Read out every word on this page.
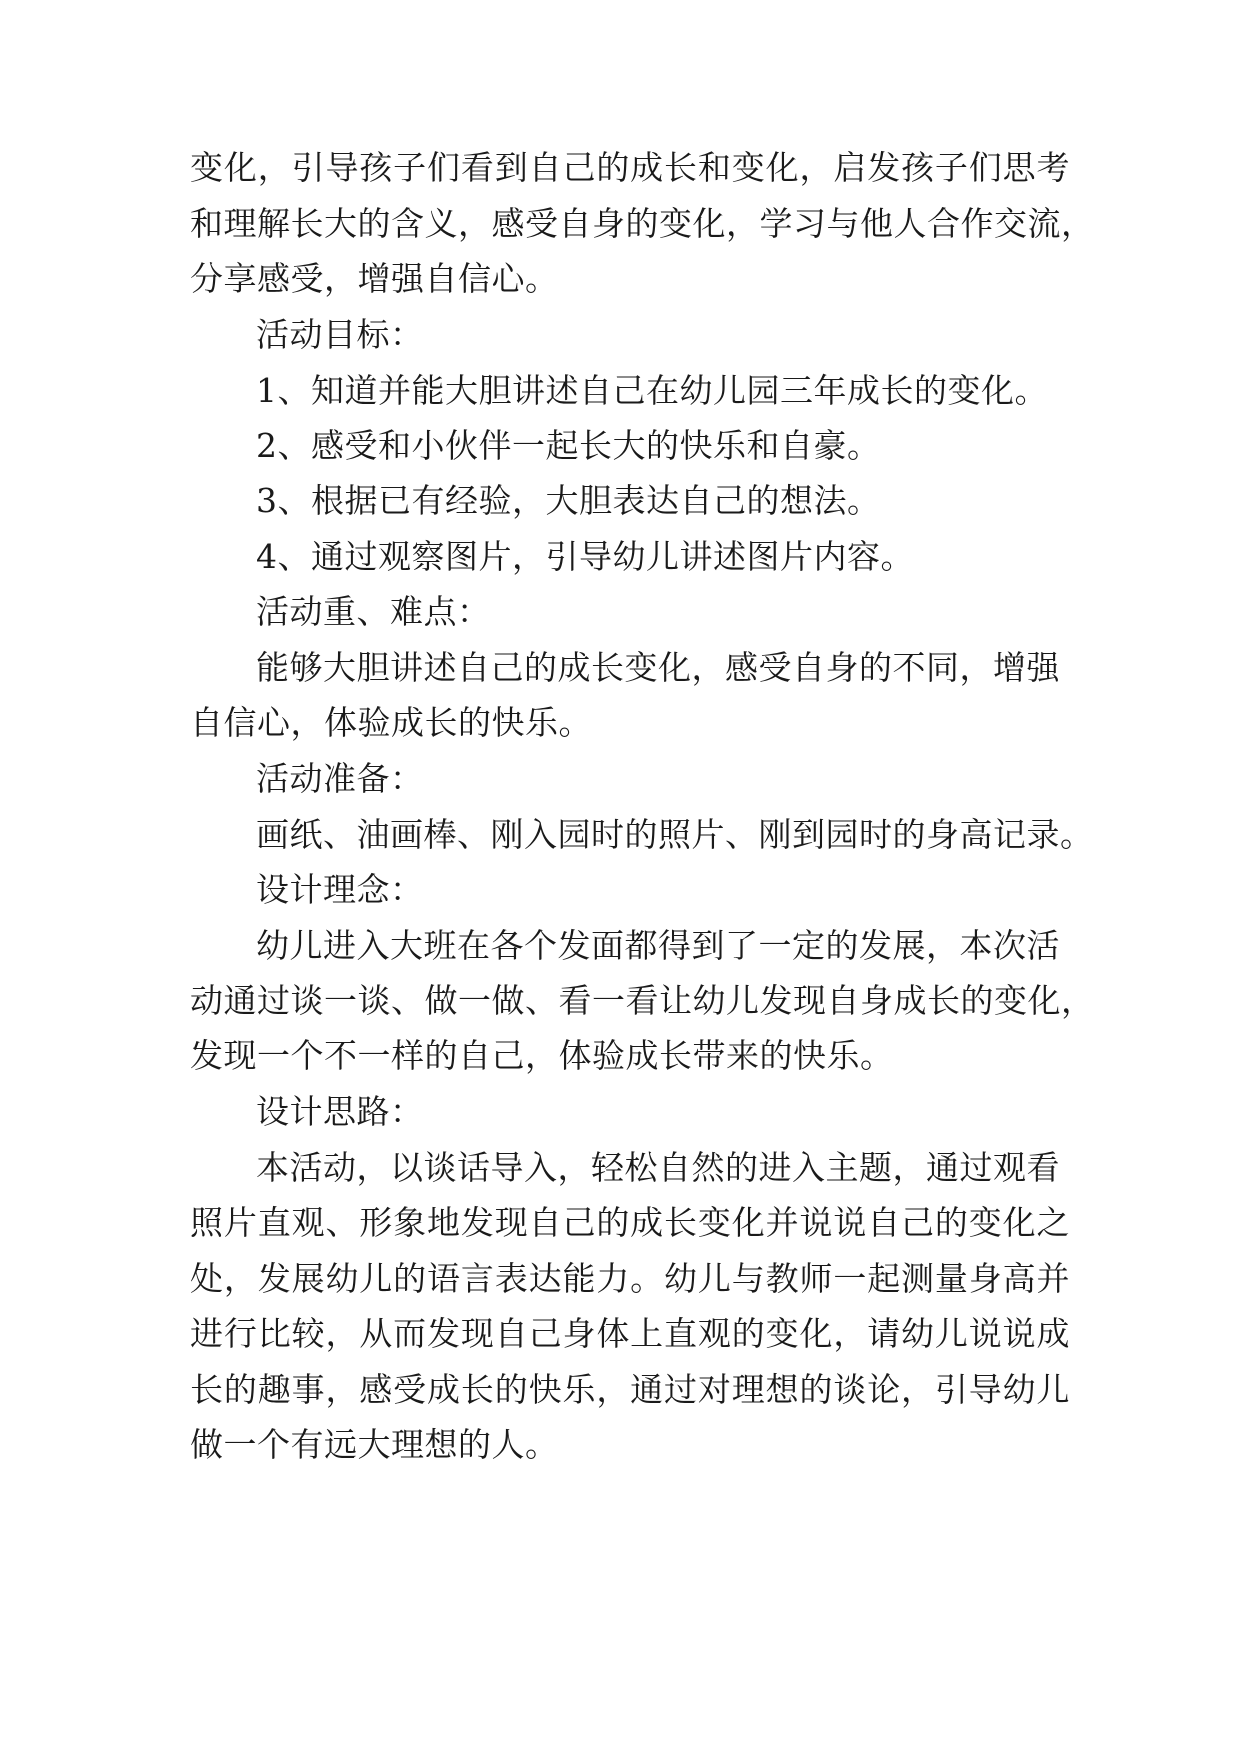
变化，引导孩子们看到自己的成长和变化，启发孩子们思考
和理解长大的含义，感受自身的变化，学习与他人合作交流，
分享感受，增强自信心。
活动目标：
1、知道并能大胆讲述自己在幼儿园三年成长的变化。
2、感受和小伙伴一起长大的快乐和自豪。
3、根据已有经验，大胆表达自己的想法。
4、通过观察图片，引导幼儿讲述图片内容。
活动重、难点：
能够大胆讲述自己的成长变化，感受自身的不同，增强
自信心，体验成长的快乐。
活动准备：
画纸、油画棒、刚入园时的照片、刚到园时的身高记录。
设计理念：
幼儿进入大班在各个发面都得到了一定的发展，本次活
动通过谈一谈、做一做、看一看让幼儿发现自身成长的变化，
发现一个不一样的自己，体验成长带来的快乐。
设计思路：
本活动，以谈话导入，轻松自然的进入主题，通过观看
照片直观、形象地发现自己的成长变化并说说自己的变化之
处，发展幼儿的语言表达能力。幼儿与教师一起测量身高并
进行比较，从而发现自己身体上直观的变化，请幼儿说说成
长的趣事，感受成长的快乐，通过对理想的谈论，引导幼儿
做一个有远大理想的人。
